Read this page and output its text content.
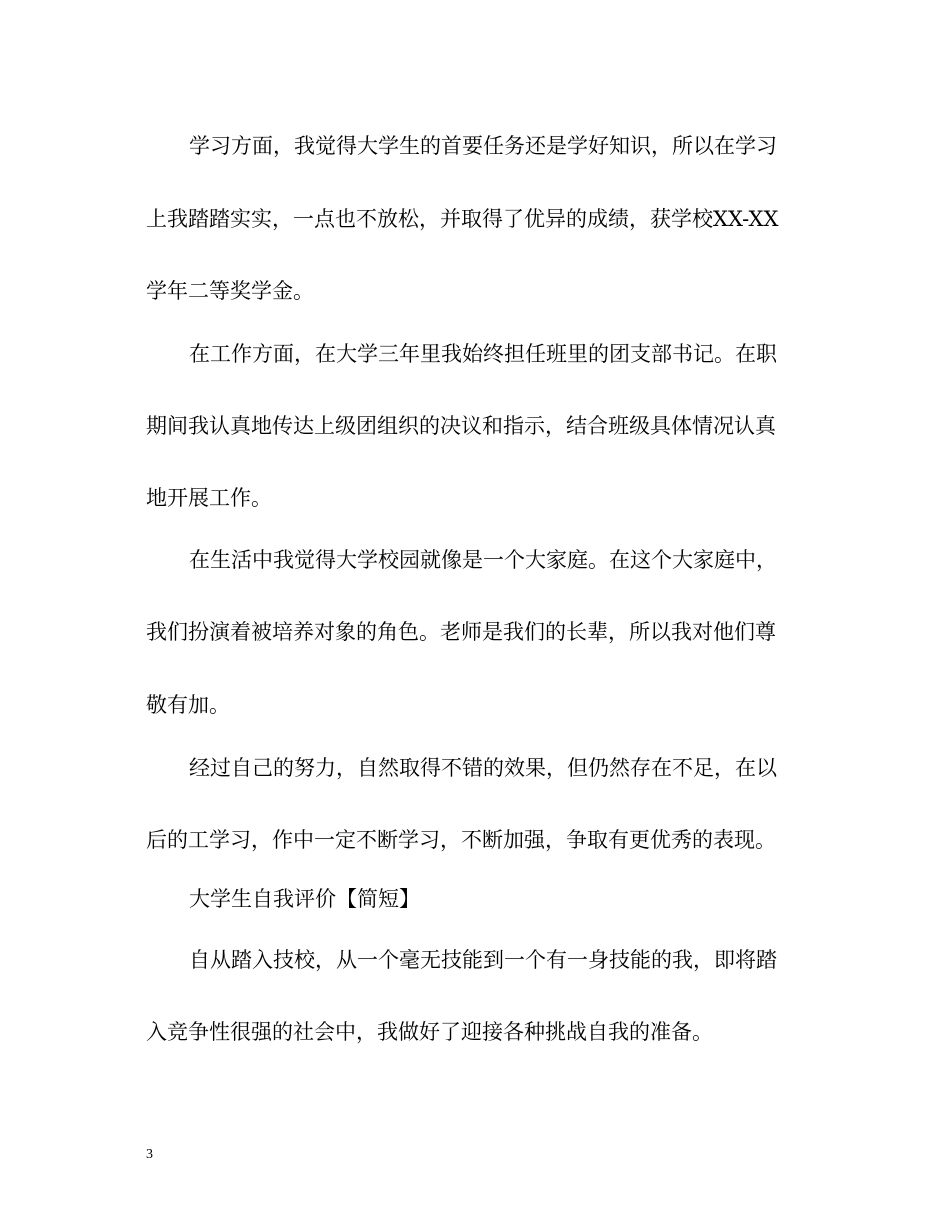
学习方面，我觉得大学生的首要任务还是学好知识，所以在学习
上我踏踏实实，一点也不放松，并取得了优异的成绩，获学校XX-XX
学年二等奖学金。
在工作方面，在大学三年里我始终担任班里的团支部书记。在职
期间我认真地传达上级团组织的决议和指示，结合班级具体情况认真
地开展工作。
在生活中我觉得大学校园就像是一个大家庭。在这个大家庭中，
我们扮演着被培养对象的角色。老师是我们的长辈，所以我对他们尊
敬有加。
经过自己的努力，自然取得不错的效果，但仍然存在不足，在以
后的工学习，作中一定不断学习，不断加强，争取有更优秀的表现。
大学生自我评价【简短】
自从踏入技校，从一个毫无技能到一个有一身技能的我，即将踏
入竞争性很强的社会中，我做好了迎接各种挑战自我的准备。
3
